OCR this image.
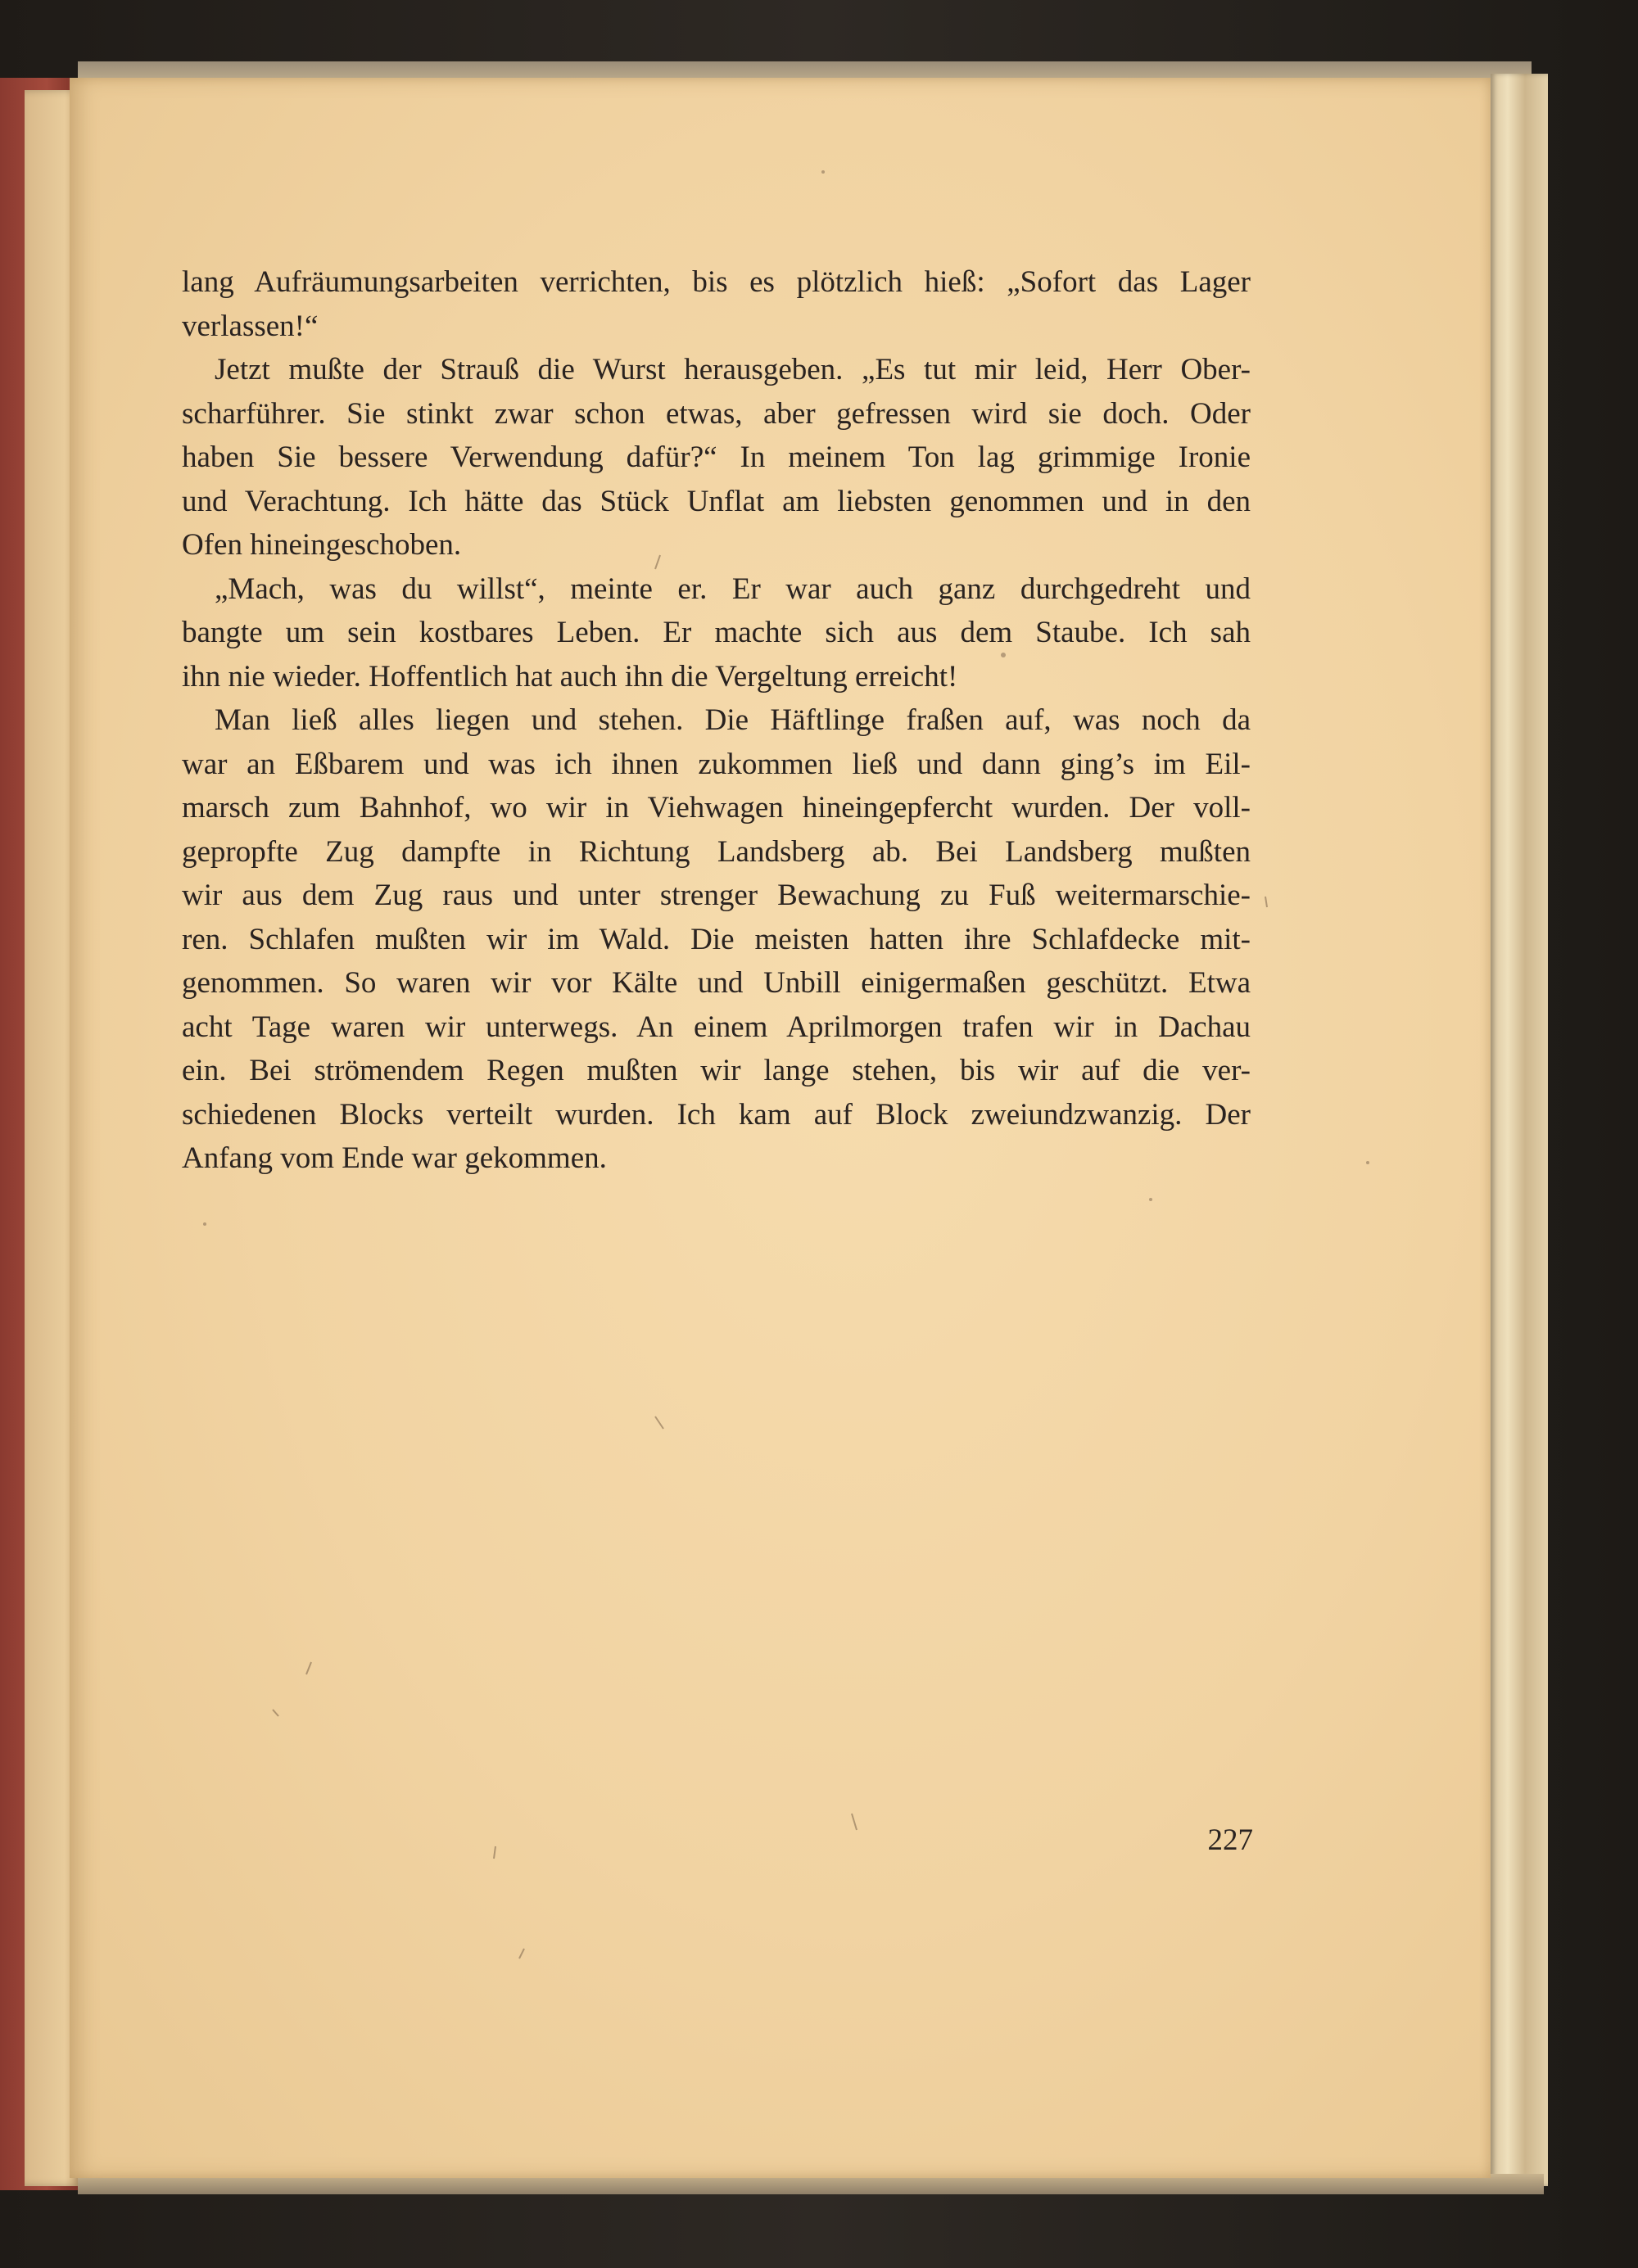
lang Aufräumungsarbeiten verrichten, bis es plötzlich hieß: „Sofort das Lager
verlassen!“
Jetzt mußte der Strauß die Wurst herausgeben. „Es tut mir leid, Herr Ober-
scharführer. Sie stinkt zwar schon etwas, aber gefressen wird sie doch. Oder
haben Sie bessere Verwendung dafür?“ In meinem Ton lag grimmige Ironie
und Verachtung. Ich hätte das Stück Unflat am liebsten genommen und in den
Ofen hineingeschoben.
„Mach, was du willst“, meinte er. Er war auch ganz durchgedreht und
bangte um sein kostbares Leben. Er machte sich aus dem Staube. Ich sah
ihn nie wieder. Hoffentlich hat auch ihn die Vergeltung erreicht!
Man ließ alles liegen und stehen. Die Häftlinge fraßen auf, was noch da
war an Eßbarem und was ich ihnen zukommen ließ und dann ging’s im Eil-
marsch zum Bahnhof, wo wir in Viehwagen hineingepfercht wurden. Der voll-
gepropfte Zug dampfte in Richtung Landsberg ab. Bei Landsberg mußten
wir aus dem Zug raus und unter strenger Bewachung zu Fuß weitermarschie-
ren. Schlafen mußten wir im Wald. Die meisten hatten ihre Schlafdecke mit-
genommen. So waren wir vor Kälte und Unbill einigermaßen geschützt. Etwa
acht Tage waren wir unterwegs. An einem Aprilmorgen trafen wir in Dachau
ein. Bei strömendem Regen mußten wir lange stehen, bis wir auf die ver-
schiedenen Blocks verteilt wurden. Ich kam auf Block zweiundzwanzig. Der
Anfang vom Ende war gekommen.
227
